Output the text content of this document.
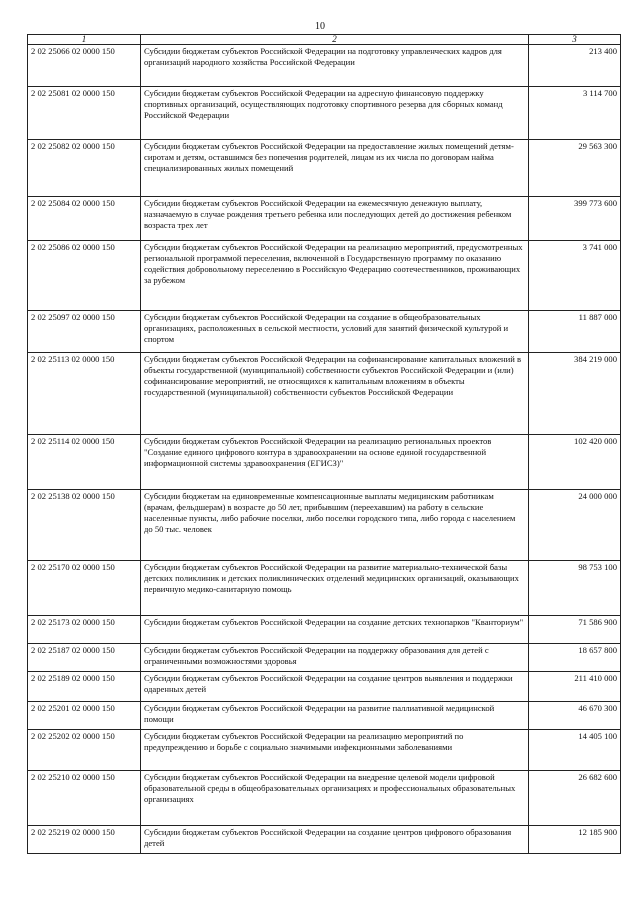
10
1	2	3
2 02 25066 02 0000 150	Субсидии бюджетам субъектов Российской Федерации на подготовку управленческих кадров для организаций народного хозяйства Российской Федерации	213 400
2 02 25081 02 0000 150	Субсидии бюджетам субъектов Российской Федерации на адресную финансовую поддержку спортивных организаций, осуществляющих подготовку спортивного резерва для сборных команд Российской Федерации	3 114 700
2 02 25082 02 0000 150	Субсидии бюджетам субъектов Российской Федерации на предоставление жилых помещений детям-сиротам и детям, оставшимся без попечения родителей, лицам из их числа по договорам найма специализированных жилых помещений	29 563 300
2 02 25084 02 0000 150	Субсидии бюджетам субъектов Российской Федерации на ежемесячную денежную выплату, назначаемую в случае рождения третьего ребенка или последующих детей до достижения ребенком возраста трех лет	399 773 600
2 02 25086 02 0000 150	Субсидии бюджетам субъектов Российской Федерации на реализацию мероприятий, предусмотренных региональной программой переселения, включенной в Государственную программу по оказанию содействия добровольному переселению в Российскую Федерацию соотечественников, проживающих за рубежом	3 741 000
2 02 25097 02 0000 150	Субсидии бюджетам субъектов Российской Федерации на создание в общеобразовательных организациях, расположенных в сельской местности, условий для занятий физической культурой и спортом	11 887 000
2 02 25113 02 0000 150	Субсидии бюджетам субъектов Российской Федерации на софинансирование капитальных вложений в объекты государственной (муниципальной) собственности субъектов Российской Федерации и (или) софинансирование мероприятий, не относящихся к капитальным вложениям в объекты государственной (муниципальной) собственности субъектов Российской Федерации	384 219 000
2 02 25114 02 0000 150	Субсидии бюджетам субъектов Российской Федерации на реализацию региональных проектов "Создание единого цифрового контура в здравоохранении на основе единой государственной информационной системы здравоохранения (ЕГИСЗ)"	102 420 000
2 02 25138 02 0000 150	Субсидии бюджетам на единовременные компенсационные выплаты медицинским работникам (врачам, фельдшерам) в возрасте до 50 лет, прибывшим (переехавшим) на работу в сельские населенные пункты, либо рабочие поселки, либо поселки городского типа, либо города с населением до 50 тыс. человек	24 000 000
2 02 25170 02 0000 150	Субсидии бюджетам субъектов Российской Федерации на развитие материально-технической базы детских поликлиник и детских поликлинических отделений медицинских организаций, оказывающих первичную медико-санитарную помощь	98 753 100
2 02 25173 02 0000 150	Субсидии бюджетам субъектов Российской Федерации на создание детских технопарков "Кванториум"	71 586 900
2 02 25187 02 0000 150	Субсидии бюджетам субъектов Российской Федерации на поддержку образования для детей с ограниченными возможностями здоровья	18 657 800
2 02 25189 02 0000 150	Субсидии бюджетам субъектов Российской Федерации на создание центров выявления и поддержки одаренных детей	211 410 000
2 02 25201 02 0000 150	Субсидии бюджетам субъектов Российской Федерации на развитие паллиативной медицинской помощи	46 670 300
2 02 25202 02 0000 150	Субсидии бюджетам субъектов Российской Федерации на реализацию мероприятий по предупреждению и борьбе с социально значимыми инфекционными заболеваниями	14 405 100
2 02 25210 02 0000 150	Субсидии бюджетам субъектов Российской Федерации на внедрение целевой модели цифровой образовательной среды в общеобразовательных организациях и профессиональных образовательных организациях	26 682 600
2 02 25219 02 0000 150	Субсидии бюджетам субъектов Российской Федерации на создание центров цифрового образования детей	12 185 900
